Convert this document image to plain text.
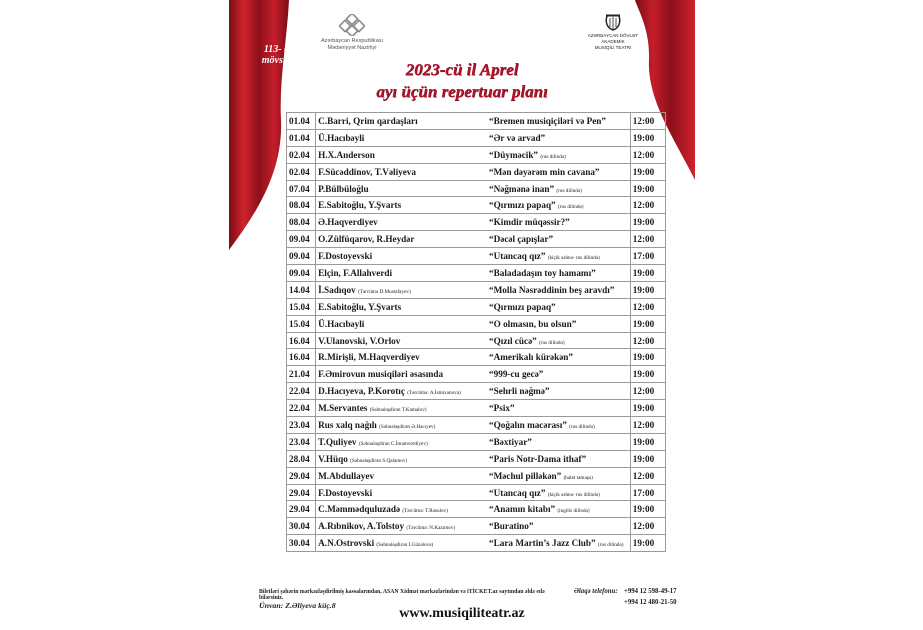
113- cü
mövsüm
Azərbaycan Respublikası
Mədəniyyət Nazirliyi
AZƏRBAYCAN DÖVLƏT
AKADEMİK
MUSİQİLİ TEATRI
2023-cü il Aprel
ayı üçün repertuar planı
01.04	C.Barri, Qrim qardaşları	“Bremen musiqiçiləri və Pen”	12:00
01.04	Ü.Hacıbəyli	“Ər və arvad”	19:00
02.04	H.X.Anderson	“Düyməcik” (rus dilində)	12:00
02.04	F.Sücəddinov, T.Vəliyeva	“Mən dəyərəm min cavana”	19:00
07.04	P.Bülbüloğlu	“Nəğmənə inan” (rus dilində)	19:00
08.04	E.Sabitoğlu, Y.Şvarts	“Qırmızı papaq” (rus dilində)	12:00
08.04	Ə.Haqverdiyev	“Kimdir müqəssir?”	19:00
09.04	O.Zülfüqarov, R.Heydər	“Dəcəl çapışlar”	12:00
09.04	F.Dostoyevski	“Utancaq qız” (kiçik səhnə- rus dilində)	17:00
09.04	Elçin, F.Allahverdi	“Baladadaşın toy hamamı”	19:00
14.04	İ.Sadıqov (Tərcümə D.Mustafayev)	“Molla Nəsrəddinin beş aravdı”	19:00
15.04	E.Sabitoğlu, Y.Şvarts	“Qırmızı papaq”	12:00
15.04	Ü.Hacıbəyli	“O olmasın, bu olsun”	19:00
16.04	V.Ulanovski, V.Orlov	“Qızıl cücə” (rus dilində)	12:00
16.04	R.Mirişli, M.Haqverdiyev	“Amerikalı kürəkən”	19:00
21.04	F.Əmirovun musiqiləri əsasında	“999-cu gecə”	19:00
22.04	D.Hacıyeva, P.Korotıç (Tərcümə: A.İsmixanova)	“Sehrli nəğmə”	12:00
22.04	M.Servantes (Səhnələşdirən T.Kamalov)	“Psix”	19:00
23.04	Rus xalq nağılı (Səhnələşdirən Ə.Hacıyev)	“Qoğalın macərası” (rus dilində)	12:00
23.04	T.Quliyev (Səhnələşdirən C.İmamverdiyev)	“Bəxtiyar”	19:00
28.04	V.Hüqo (Səhnələşdirən S.Qalamov)	“Paris Notr-Dama ithaf”	19:00
29.04	M.Abdullayev	“Məchul pilləkən” (balet tamaşa)	12:00
29.04	F.Dostoyevski	“Utancaq qız” (kiçik səhnə- rus dilində)	17:00
29.04	C.Məmmədquluzadə (Tərcümə: T.Rəsulov)	“Anamın kitabı” (ingilis dilində)	19:00
30.04	A.Rıbnikov, A.Tolstoy (Tərcümə: N.Kazımov)	“Buratino”	12:00
30.04	A.N.Ostrovski (Səhnələşdirən İ.Güzəlova)	“Lara Martin’s Jazz Club” (rus dilində)	19:00
Biletləri şəhərin mərkəzləşdirilmiş kassalarından, ASAN Xidmət mərkəzlərindən və iTİCKET.az saytından əldə edə bilərsiniz.
Əlaqə telefonu: +994 12 598-49-17
+994 12 480-21-50
Ünvan: Z.Əliyeva küç.8
www.musiqiliteatr.az
